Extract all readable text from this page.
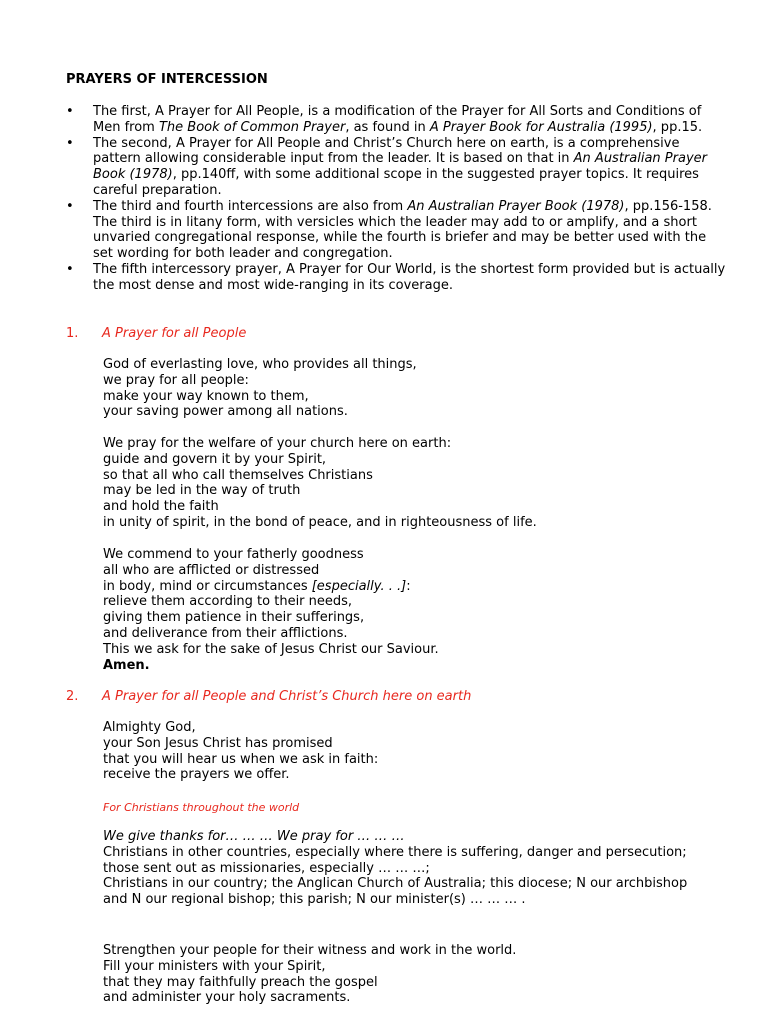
PRAYERS OF INTERCESSION
• The first, A Prayer for All People, is a modification of the Prayer for All Sorts and Conditions of Men from The Book of Common Prayer, as found in A Prayer Book for Australia (1995), pp.15.
• The second, A Prayer for All People and Christ’s Church here on earth, is a comprehensive pattern allowing considerable input from the leader. It is based on that in An Australian Prayer Book (1978), pp.140ff, with some additional scope in the suggested prayer topics. It requires careful preparation.
• The third and fourth intercessions are also from An Australian Prayer Book (1978), pp.156-158. The third is in litany form, with versicles which the leader may add to or amplify, and a short unvaried congregational response, while the fourth is briefer and may be better used with the set wording for both leader and congregation.
• The fifth intercessory prayer, A Prayer for Our World, is the shortest form provided but is actually the most dense and most wide-ranging in its coverage.
1. A Prayer for all People
God of everlasting love, who provides all things,
we pray for all people:
make your way known to them,
your saving power among all nations.
We pray for the welfare of your church here on earth:
guide and govern it by your Spirit,
so that all who call themselves Christians
may be led in the way of truth
and hold the faith
in unity of spirit, in the bond of peace, and in righteousness of life.
We commend to your fatherly goodness
all who are afflicted or distressed
in body, mind or circumstances [especially. . .]:
relieve them according to their needs,
giving them patience in their sufferings,
and deliverance from their afflictions.
This we ask for the sake of Jesus Christ our Saviour.
Amen.
2. A Prayer for all People and Christ’s Church here on earth
Almighty God,
your Son Jesus Christ has promised
that you will hear us when we ask in faith:
receive the prayers we offer.
For Christians throughout the world
We give thanks for… … … We pray for … … …
Christians in other countries, especially where there is suffering, danger and persecution;
those sent out as missionaries, especially … … …;
Christians in our country; the Anglican Church of Australia; this diocese; N our archbishop
and N our regional bishop; this parish; N our minister(s) … … … .
Strengthen your people for their witness and work in the world.
Fill your ministers with your Spirit,
that they may faithfully preach the gospel
and administer your holy sacraments.
